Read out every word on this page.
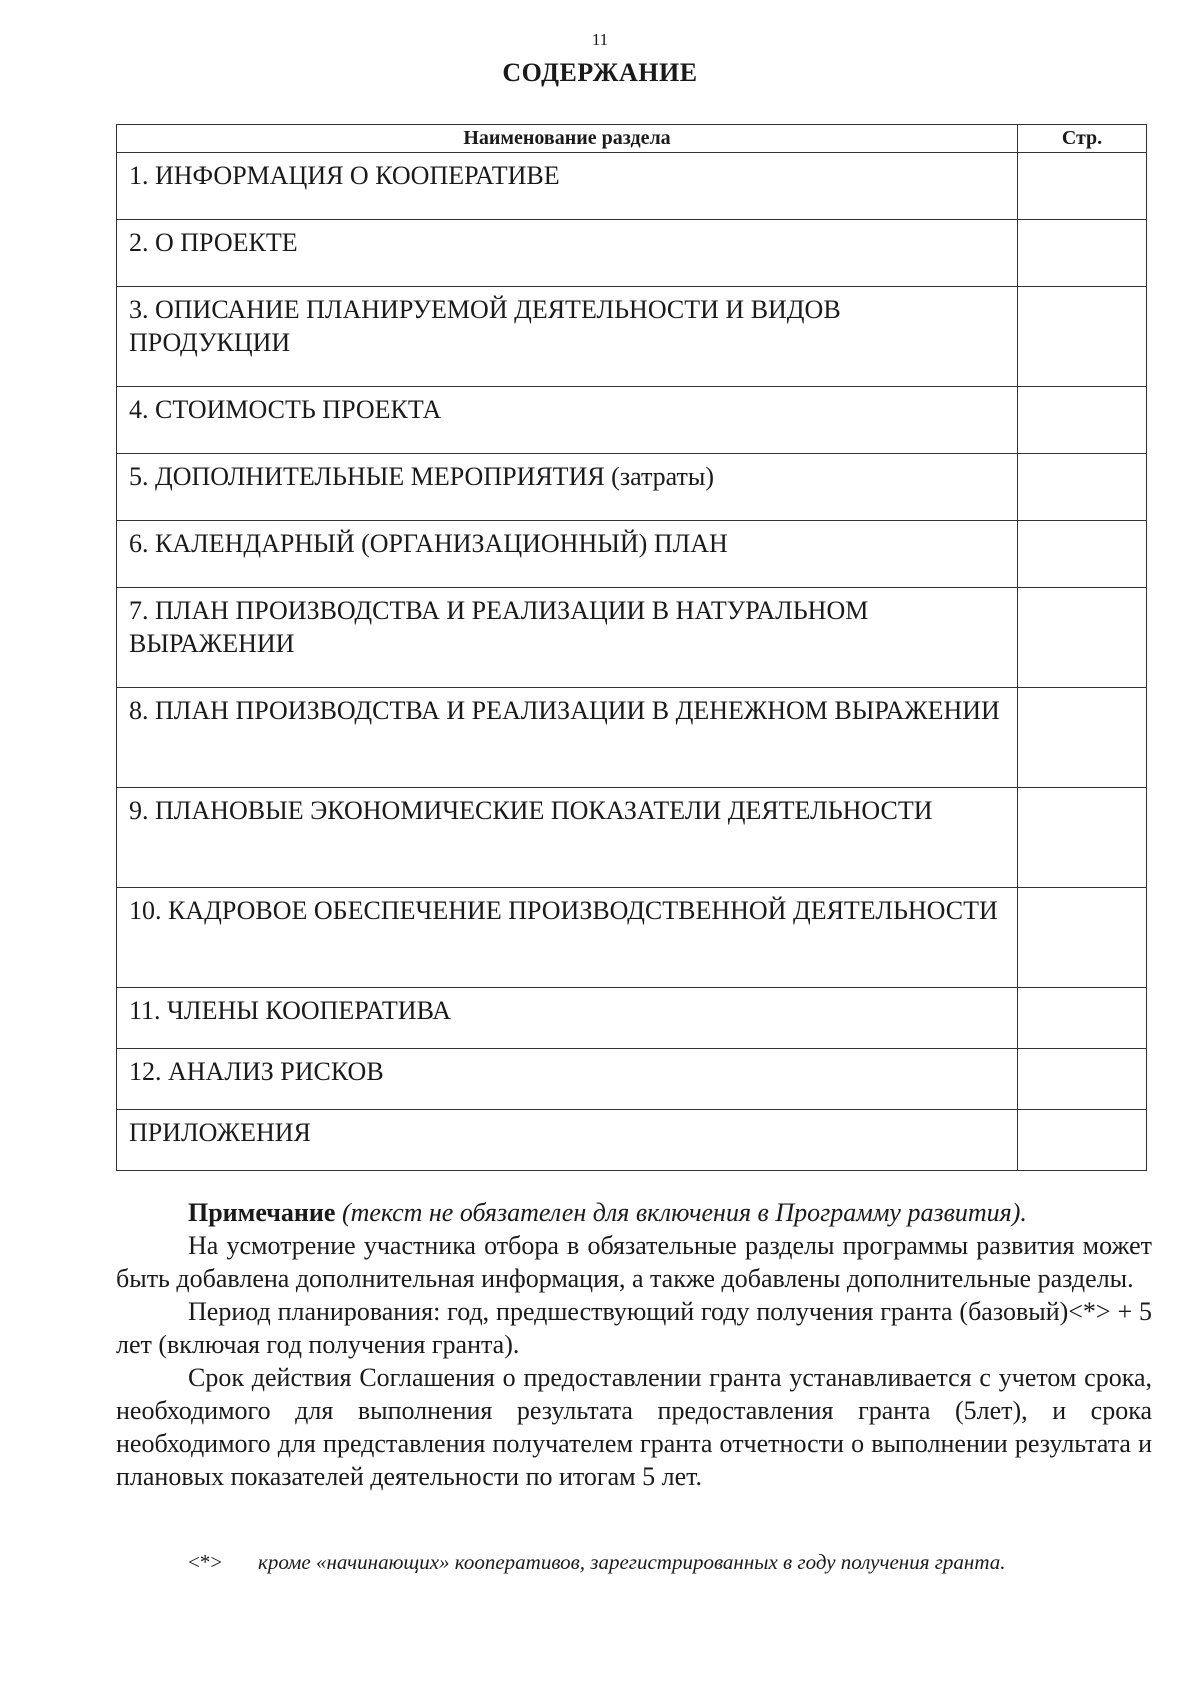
11
СОДЕРЖАНИЕ
Наименование раздела	Стр.
1. ИНФОРМАЦИЯ О КООПЕРАТИВЕ	
2. О ПРОЕКТЕ	
3. ОПИСАНИЕ ПЛАНИРУЕМОЙ ДЕЯТЕЛЬНОСТИ И ВИДОВ ПРОДУКЦИИ	
4. СТОИМОСТЬ ПРОЕКТА	
5. ДОПОЛНИТЕЛЬНЫЕ МЕРОПРИЯТИЯ (затраты)	
6. КАЛЕНДАРНЫЙ (ОРГАНИЗАЦИОННЫЙ) ПЛАН	
7. ПЛАН ПРОИЗВОДСТВА И РЕАЛИЗАЦИИ В НАТУРАЛЬНОМ ВЫРАЖЕНИИ	
8. ПЛАН ПРОИЗВОДСТВА И РЕАЛИЗАЦИИ В ДЕНЕЖНОМ ВЫРАЖЕНИИ	
9. ПЛАНОВЫЕ ЭКОНОМИЧЕСКИЕ ПОКАЗАТЕЛИ ДЕЯТЕЛЬНОСТИ	
10. КАДРОВОЕ ОБЕСПЕЧЕНИЕ ПРОИЗВОДСТВЕННОЙ ДЕЯТЕЛЬНОСТИ	
11. ЧЛЕНЫ КООПЕРАТИВА	
12. АНАЛИЗ РИСКОВ	
ПРИЛОЖЕНИЯ	

Примечание (текст не обязателен для включения в Программу развития).

На усмотрение участника отбора в обязательные разделы программы развития может быть добавлена дополнительная информация, а также добавлены дополнительные разделы.

Период планирования: год, предшествующий году получения гранта (базовый)<*> + 5 лет (включая год получения гранта).

Срок действия Соглашения о предоставлении гранта устанавливается с учетом срока, необходимого для выполнения результата предоставления гранта (5лет), и срока необходимого для представления получателем гранта отчетности о выполнении результата и плановых показателей деятельности по итогам 5 лет.

<*> кроме «начинающих» кооперативов, зарегистрированных в году получения гранта.
